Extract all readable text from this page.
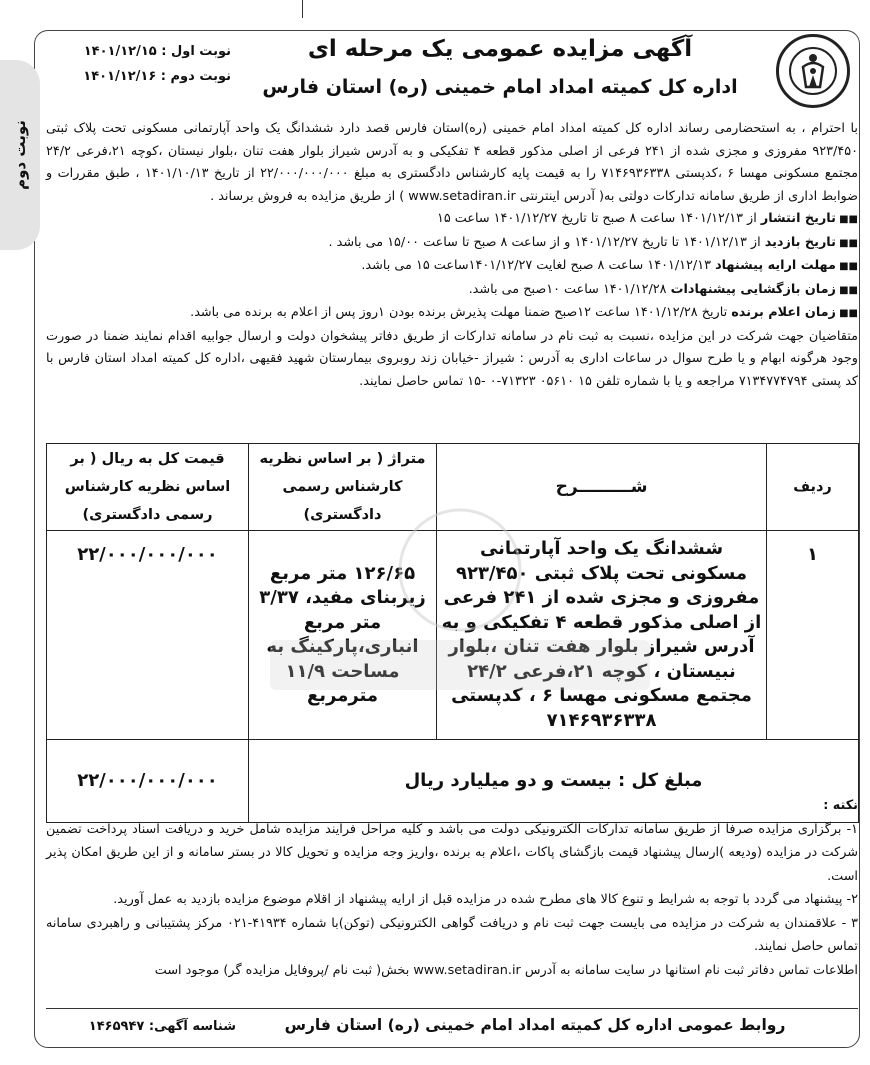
نوبت دوم
آگهی مزایده عمومی یک مرحله ای
اداره کل کمیته امداد امام خمینی (ره) استان فارس
نوبت اول : ۱۴۰۱/۱۲/۱۵
نوبت دوم : ۱۴۰۱/۱۲/۱۶

با احترام ، به استحضارمی رساند اداره کل کمیته امداد امام خمینی (ره)استان فارس قصد دارد ششدانگ یک واحد آپارتمانی مسکونی تحت پلاک ثبتی ۹۲۳/۴۵۰ مفروزی و مجزی شده از ۲۴۱ فرعی از اصلی مذکور قطعه ۴ تفکیکی و به آدرس شیراز بلوار هفت تنان ،بلوار نیستان ،کوچه ۲۱،فرعی ۲۴/۲ مجتمع مسکونی مهسا ۶ ،کدپستی ۷۱۴۶۹۳۶۳۳۸ را به قیمت پایه کارشناس دادگستری به مبلغ ۲۲/۰۰۰/۰۰۰/۰۰۰ از تاریخ ۱۴۰۱/۱۰/۱۳ ، طبق مقررات و ضوابط اداری از طریق سامانه تدارکات دولتی به( آدرس اینترنتی www.setadiran.ir ) از طریق مزایده به فروش برساند .

■■ تاریخ انتشار از ۱۴۰۱/۱۲/۱۳ ساعت ۸ صبح تا تاریخ ۱۴۰۱/۱۲/۲۷ ساعت ۱۵

■■ تاریخ بازدید از ۱۴۰۱/۱۲/۱۳ تا تاریخ ۱۴۰۱/۱۲/۲۷ و از ساعت ۸ صبح تا ساعت ۱۵/۰۰ می باشد .

■■ مهلت ارایه پیشنهاد ۱۴۰۱/۱۲/۱۳ ساعت ۸ صبح لغایت ۱۴۰۱/۱۲/۲۷ساعت ۱۵ می باشد.

■■ زمان بازگشایی پیشنهادات ۱۴۰۱/۱۲/۲۸ ساعت ۱۰صبح می باشد.

■■ زمان اعلام برنده تاریخ ۱۴۰۱/۱۲/۲۸ ساعت ۱۲صبح ضمنا مهلت پذیرش برنده بودن ۱روز پس از اعلام به برنده می باشد.

متقاضیان جهت شرکت در این مزایده ،نسبت به ثبت نام در سامانه تدارکات از طریق دفاتر پیشخوان دولت و ارسال جوابیه اقدام نمایند ضمنا در صورت وجود هرگونه ابهام و یا طرح سوال در ساعات اداری به آدرس : شیراز -خیابان زند روبروی بیمارستان شهید فقیهی ،اداره کل کمیته امداد استان فارس با کد پستی ۷۱۳۴۷۷۴۷۹۴ مراجعه و یا با شماره تلفن ۱۵ ۰۵۶۱۰ ۷۱۳۲۳-۰ -۱۵ تماس حاصل نمایند.

ردیف	شـــــــــرح	متراژ ( بر اساس نظریه کارشناس رسمی دادگستری)	قیمت کل به ریال ( بر اساس نظریه کارشناس رسمی دادگستری)
۱	ششدانگ یک واحد آپارتمانی مسکونی تحت پلاک ثبتی ۹۲۳/۴۵۰ مفروزی و مجزی شده از ۲۴۱ فرعی از اصلی مذکور قطعه ۴ تفکیکی و به آدرس شیراز بلوار هفت تنان ،بلوار نبیستان ، کوچه ۲۱،فرعی ۲۴/۲ مجتمع مسکونی مهسا ۶ ، کدپستی ۷۱۴۶۹۳۶۳۳۸	۱۲۶/۶۵ متر مربع زیربنای مفید، ۳/۳۷ متر مربع انباری،پارکینگ به مساحت ۱۱/۹ مترمربع	۲۲/۰۰۰/۰۰۰/۰۰۰
مبلغ کل : بیست و دو میلیارد ریال			۲۲/۰۰۰/۰۰۰/۰۰۰

نکته :

۱- برگزاری مزایده صرفا از طریق سامانه تدارکات الکترونیکی دولت می باشد و کلیه مراحل فرایند مزایده شامل خرید و دریافت اسناد پرداخت تضمین شرکت در مزایده (ودیعه )ارسال پیشنهاد قیمت بازگشای پاکات ،اعلام به برنده ،واریز وجه مزایده و تحویل کالا در بستر سامانه و از این طریق امکان پذیر است.

۲- پیشنهاد می گردد با توجه به شرایط و تنوع کالا های مطرح شده در مزایده قبل از ارایه پیشنهاد از اقلام موضوع مزایده بازدید به عمل آورید.

۳ - علاقمندان به شرکت در مزایده می بایست جهت ثبت نام و دریافت گواهی الکترونیکی (توکن)با شماره ۴۱۹۳۴-۰۲۱ مرکز پشتیبانی و راهبردی سامانه تماس حاصل نمایند.

اطلاعات تماس دفاتر ثبت نام استانها در سایت سامانه به آدرس www.setadiran.ir بخش( ثبت نام /پروفایل مزایده گر) موجود است

روابط عمومی اداره کل کمیته امداد امام خمینی (ره) استان فارس
شناسه آگهی: ۱۴۶۵۹۴۷
